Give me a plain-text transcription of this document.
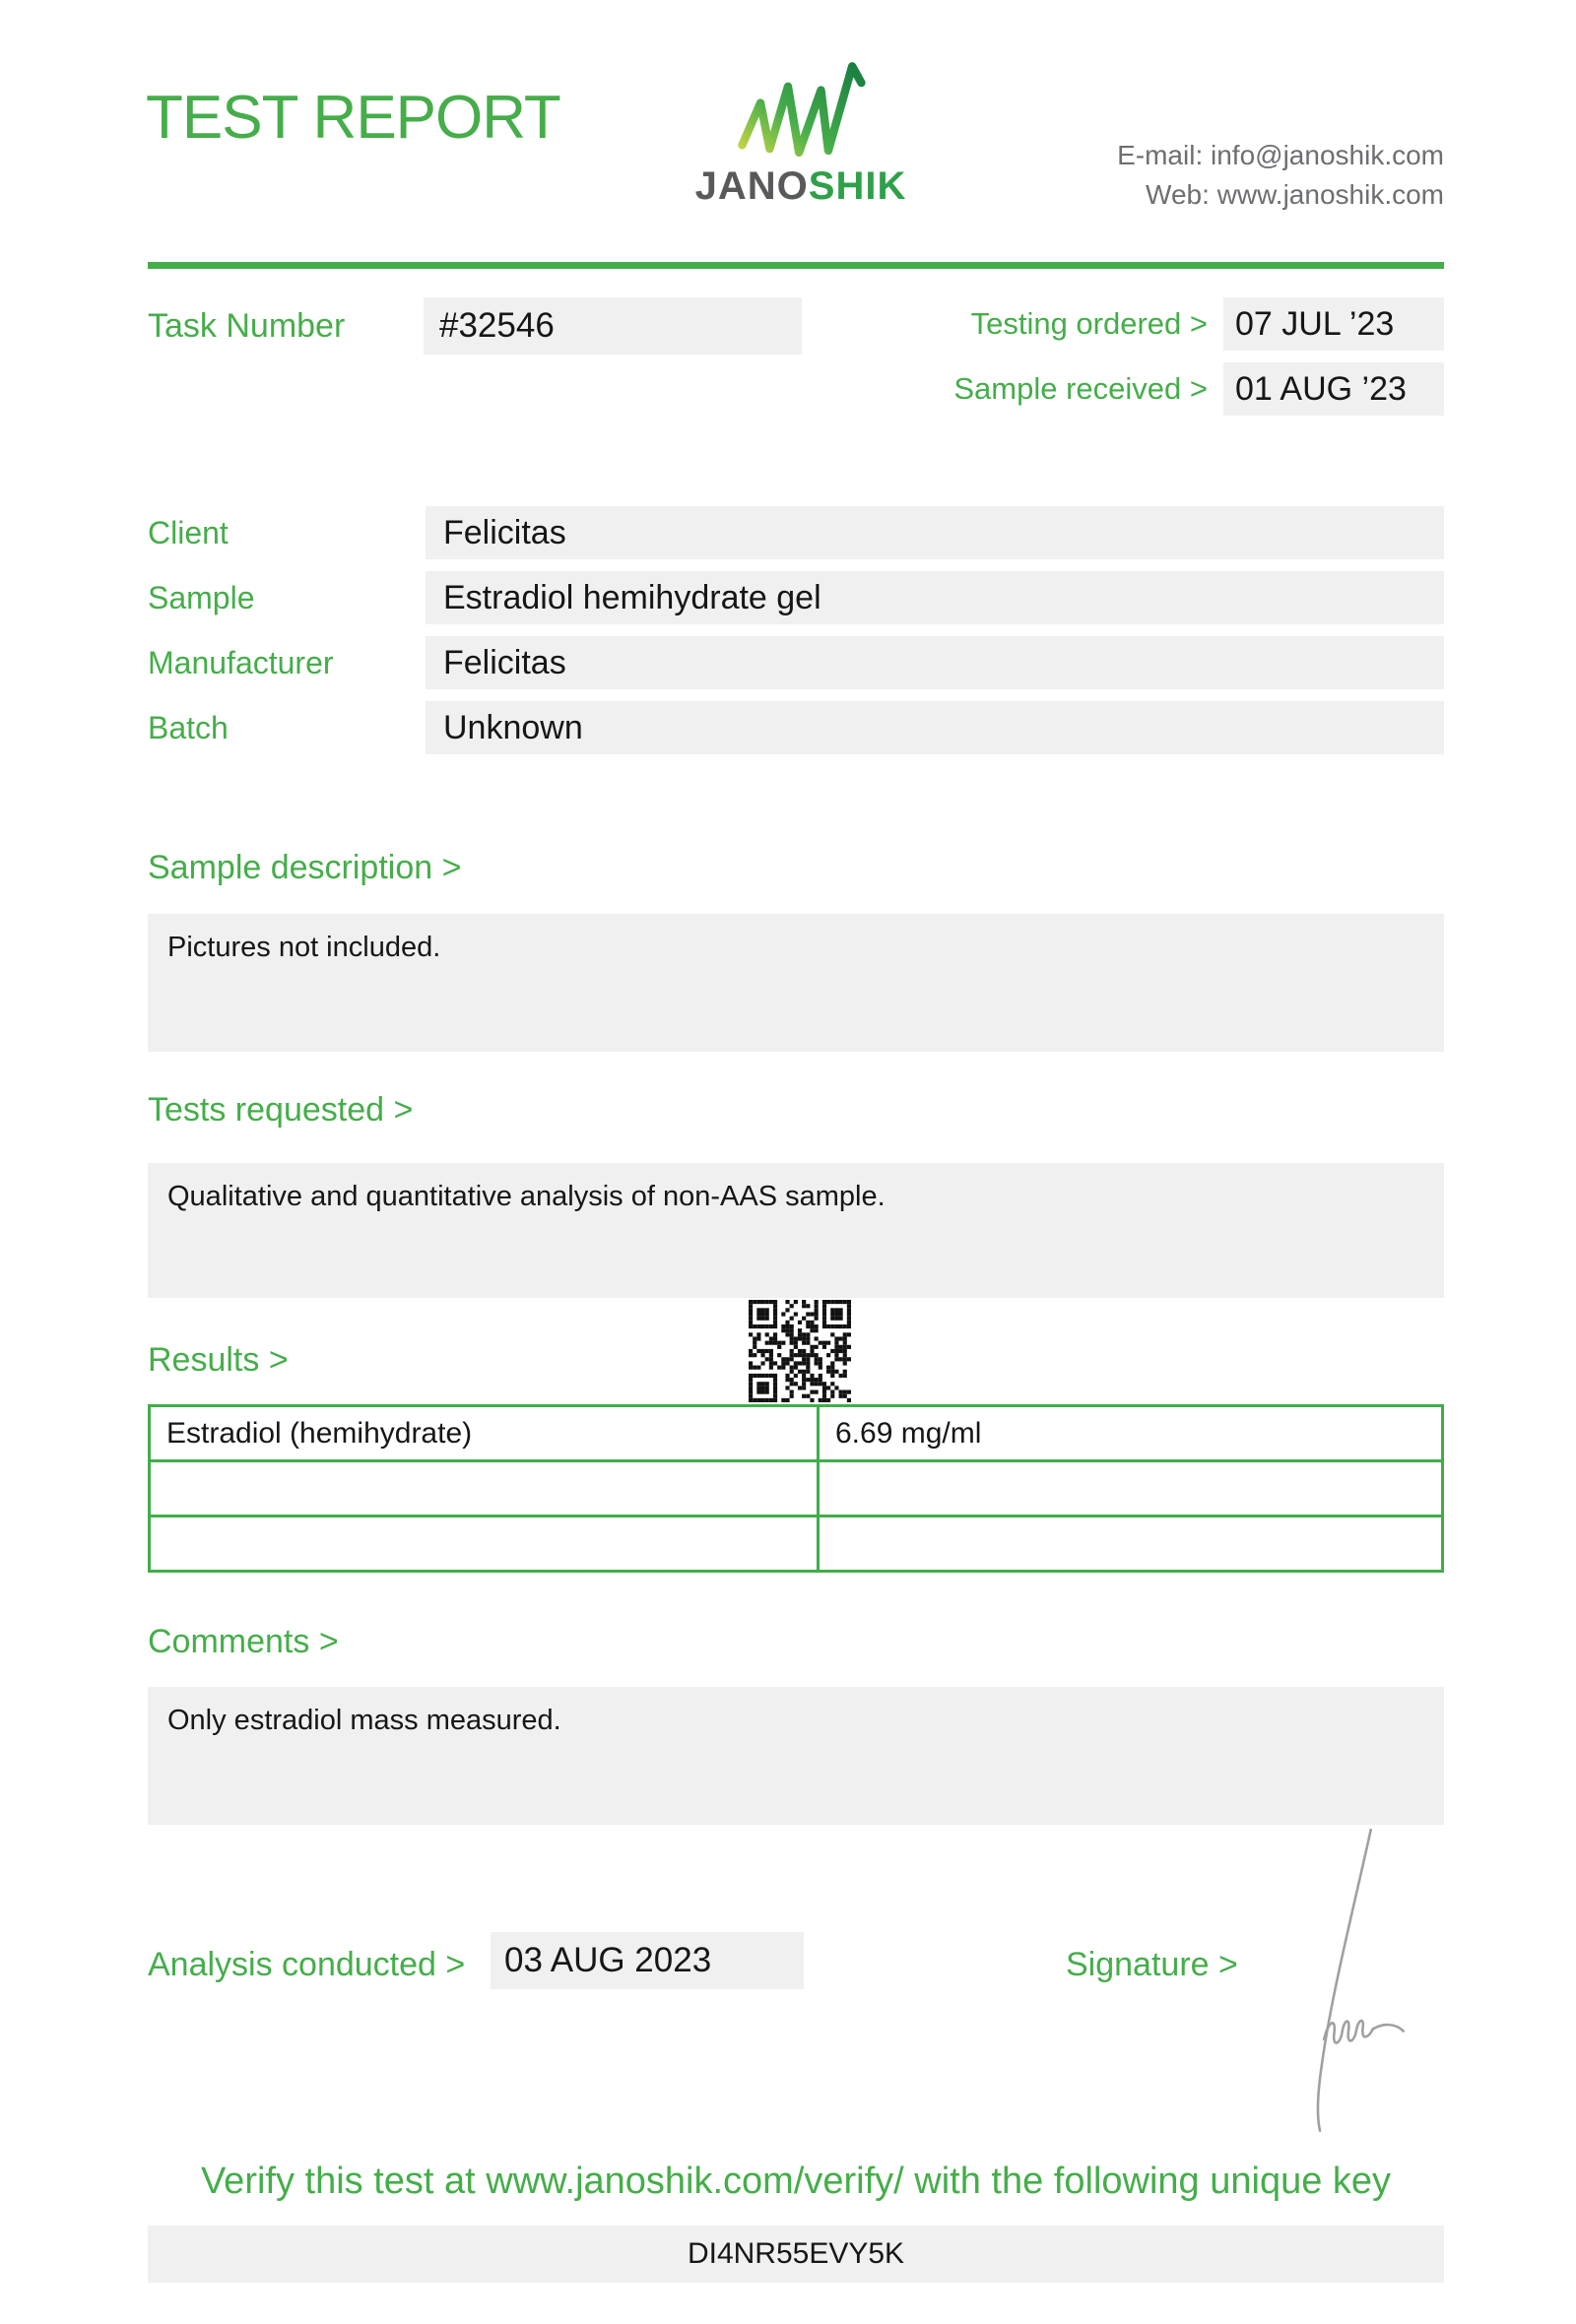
TEST REPORT
JANOSHIK
E-mail: info@janoshik.com
Web: www.janoshik.com
Task Number	#32546	Testing ordered > 07 JUL ’23
Sample received > 01 AUG ’23
Client	Felicitas
Sample	Estradiol hemihydrate gel
Manufacturer	Felicitas
Batch	Unknown
Sample description >
Pictures not included.
Tests requested >
Qualitative and quantitative analysis of non-AAS sample.
Results >
Estradiol (hemihydrate)	6.69 mg/ml

Comments >
Only estradiol mass measured.
Analysis conducted >	03 AUG 2023	Signature >
Verify this test at www.janoshik.com/verify/ with the following unique key
DI4NR55EVY5K
